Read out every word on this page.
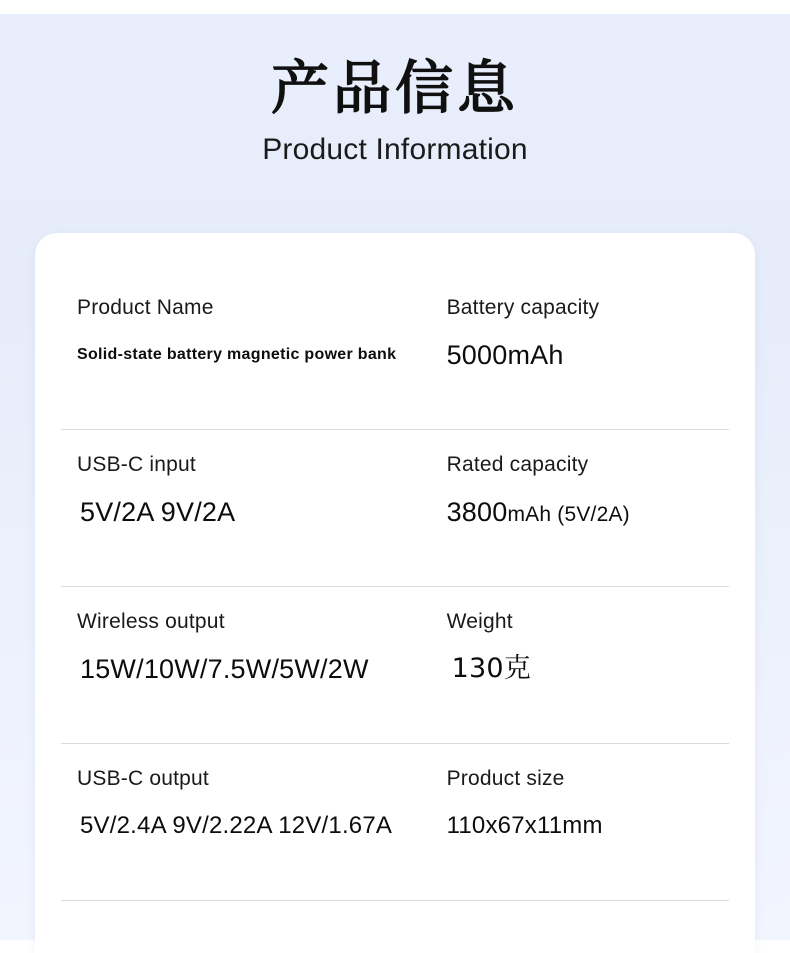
产品信息
Product Information
Product Name
Solid-state battery magnetic power bank
Battery capacity
5000mAh
USB-C input
5V/2A 9V/2A
Rated capacity
3800mAh (5V/2A)
Wireless output
15W/10W/7.5W/5W/2W
Weight
130克
USB-C output
5V/2.4A 9V/2.22A 12V/1.67A
Product size
110x67x11mm
